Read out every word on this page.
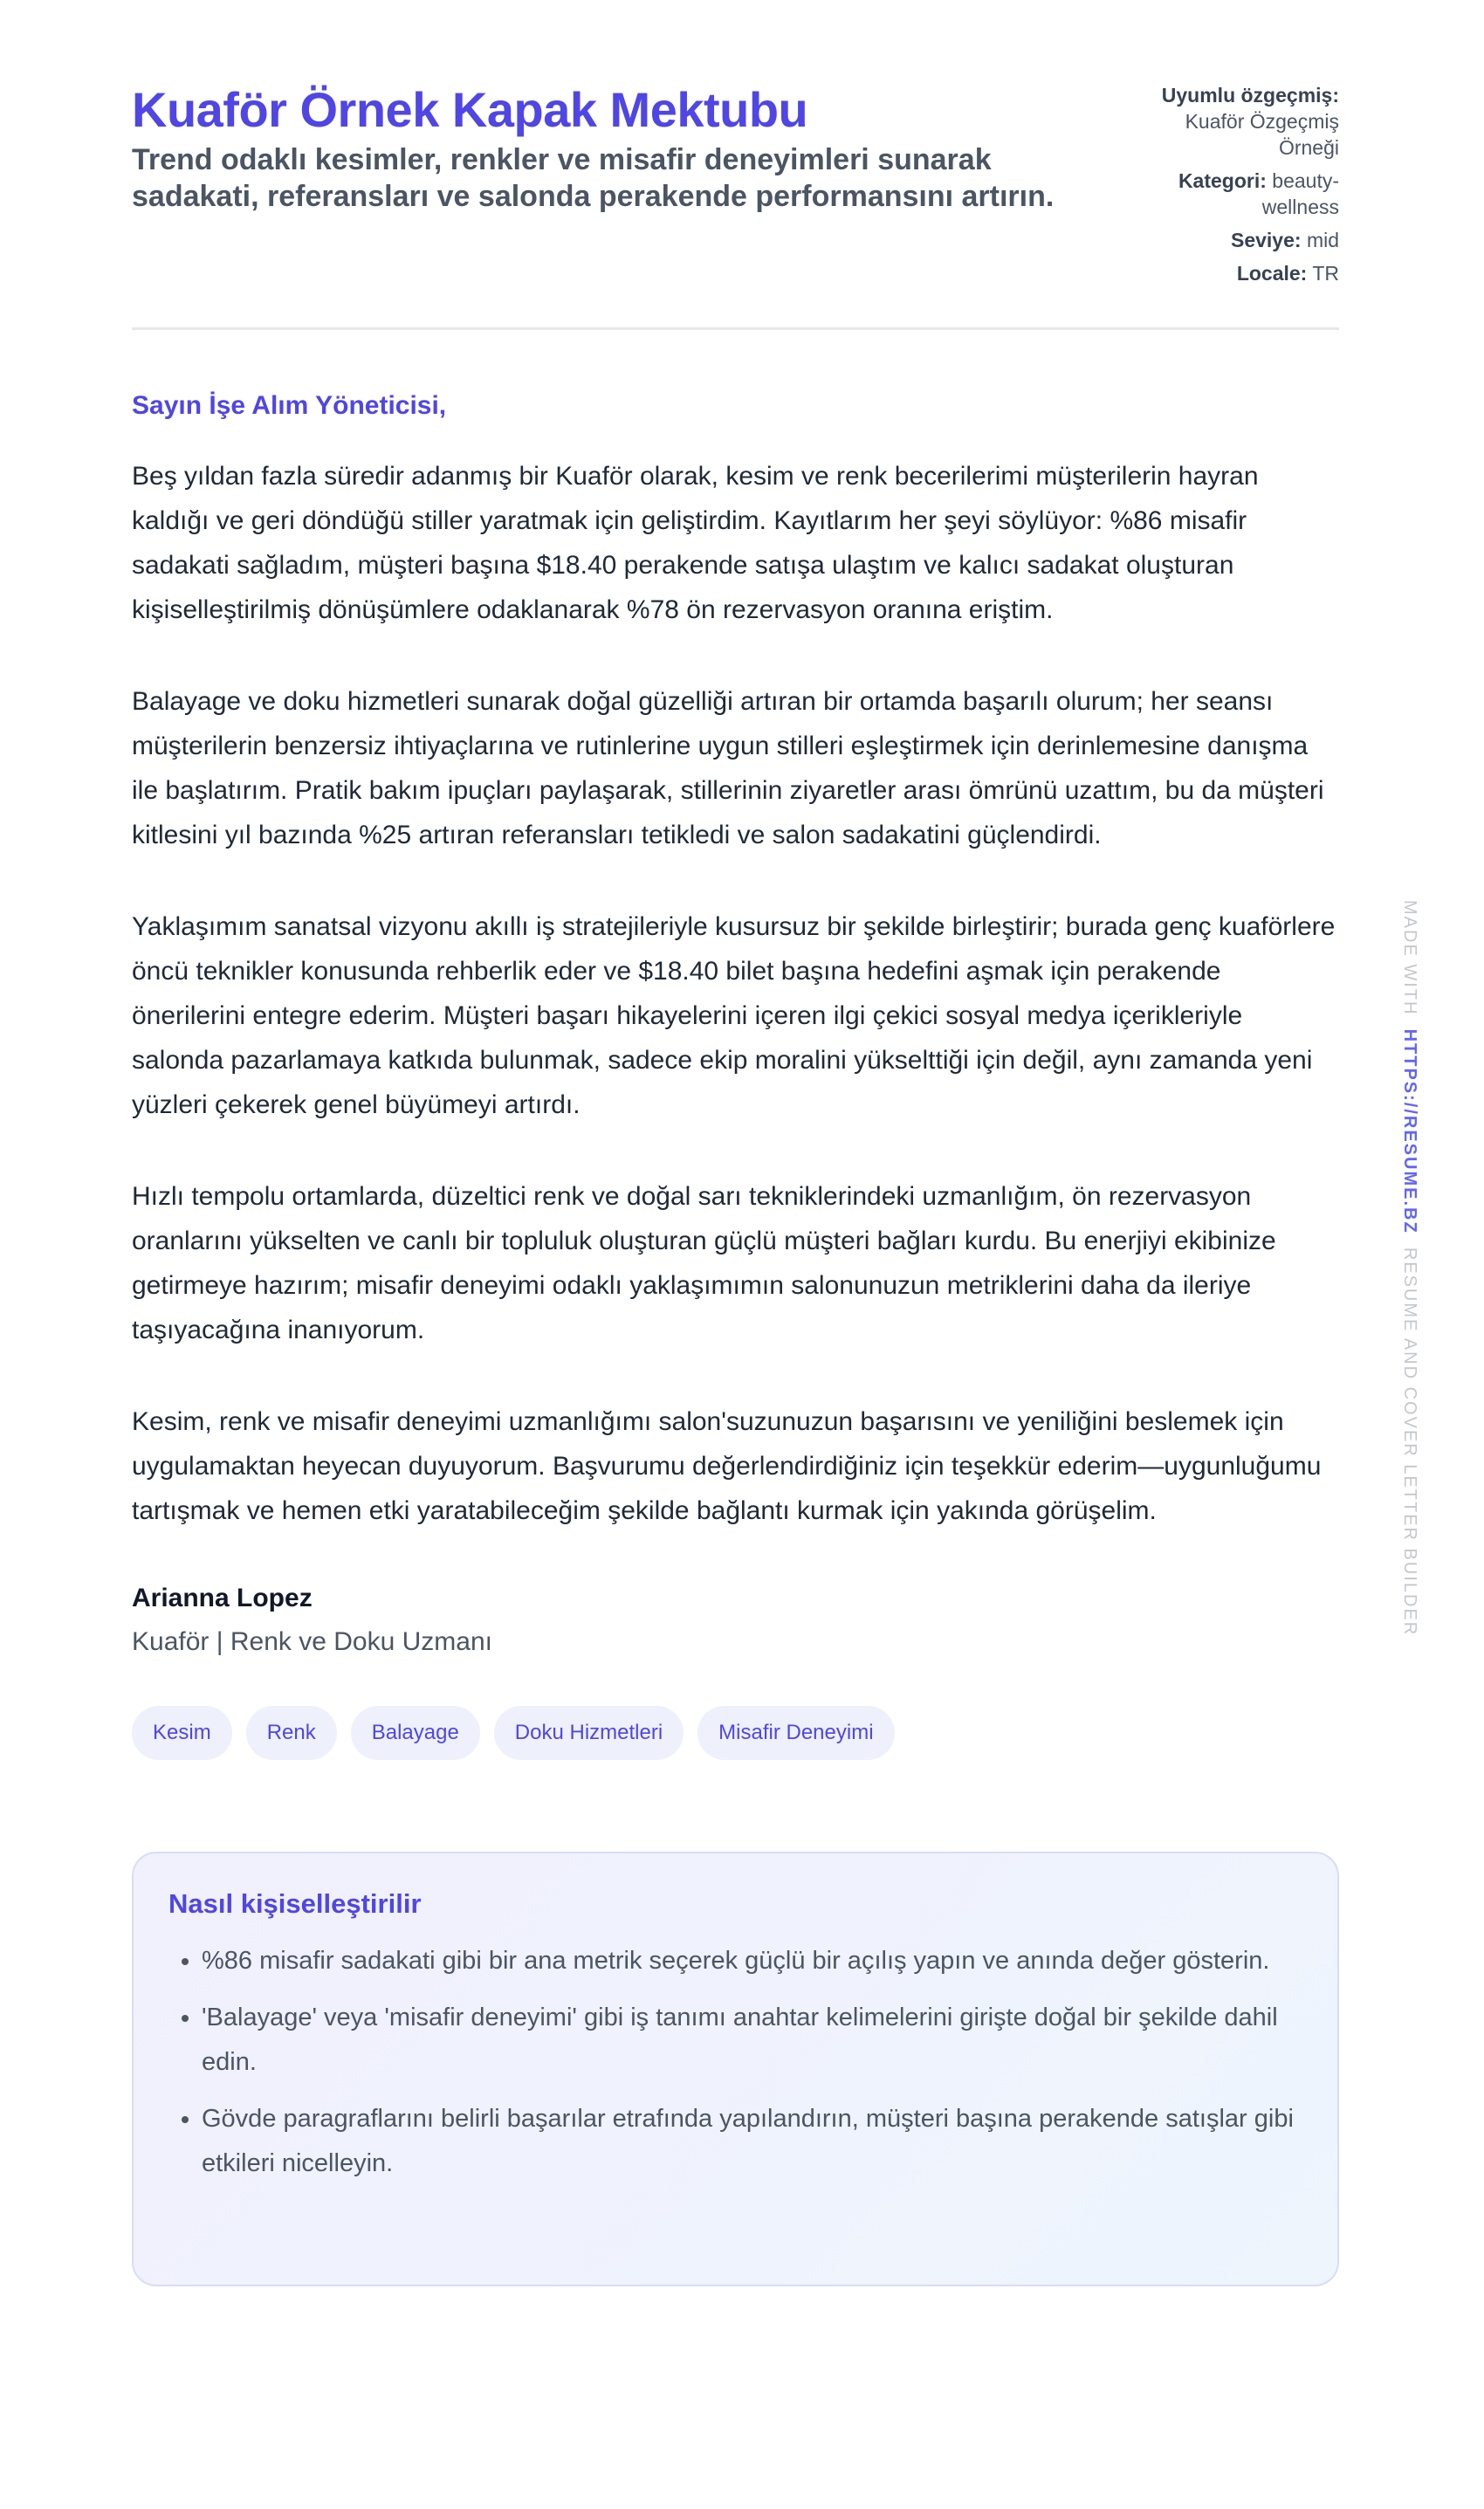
Kuaför Örnek Kapak Mektubu
Trend odaklı kesimler, renkler ve misafir deneyimleri sunarak sadakati, referansları ve salonda perakende performansını artırın.
Uyumlu özgeçmiş: Kuaför Özgeçmiş Örneği
Kategori: beauty-wellness
Seviye: mid
Locale: TR
Sayın İşe Alım Yöneticisi,

Beş yıldan fazla süredir adanmış bir Kuaför olarak, kesim ve renk becerilerimi müşterilerin hayran kaldığı ve geri döndüğü stiller yaratmak için geliştirdim. Kayıtlarım her şeyi söylüyor: %86 misafir sadakati sağladım, müşteri başına $18.40 perakende satışa ulaştım ve kalıcı sadakat oluşturan kişiselleştirilmiş dönüşümlere odaklanarak %78 ön rezervasyon oranına eriştim.

Balayage ve doku hizmetleri sunarak doğal güzelliği artıran bir ortamda başarılı olurum; her seansı müşterilerin benzersiz ihtiyaçlarına ve rutinlerine uygun stilleri eşleştirmek için derinlemesine danışma ile başlatırım. Pratik bakım ipuçları paylaşarak, stillerinin ziyaretler arası ömrünü uzattım, bu da müşteri kitlesini yıl bazında %25 artıran referansları tetikledi ve salon sadakatini güçlendirdi.

Yaklaşımım sanatsal vizyonu akıllı iş stratejileriyle kusursuz bir şekilde birleştirir; burada genç kuaförlere öncü teknikler konusunda rehberlik eder ve $18.40 bilet başına hedefini aşmak için perakende önerilerini entegre ederim. Müşteri başarı hikayelerini içeren ilgi çekici sosyal medya içerikleriyle salonda pazarlamaya katkıda bulunmak, sadece ekip moralini yükselttiği için değil, aynı zamanda yeni yüzleri çekerek genel büyümeyi artırdı.

Hızlı tempolu ortamlarda, düzeltici renk ve doğal sarı tekniklerindeki uzmanlığım, ön rezervasyon oranlarını yükselten ve canlı bir topluluk oluşturan güçlü müşteri bağları kurdu. Bu enerjiyi ekibinize getirmeye hazırım; misafir deneyimi odaklı yaklaşımımın salonunuzun metriklerini daha da ileriye taşıyacağına inanıyorum.

Kesim, renk ve misafir deneyimi uzmanlığımı salon'suzunuzun başarısını ve yeniliğini beslemek için uygulamaktan heyecan duyuyorum. Başvurumu değerlendirdiğiniz için teşekkür ederim—uygunluğumu tartışmak ve hemen etki yaratabileceğim şekilde bağlantı kurmak için yakında görüşelim.

Arianna Lopez
Kuaför | Renk ve Doku Uzmanı
Kesim	Renk	Balayage	Doku Hizmetleri	Misafir Deneyimi
Nasıl kişiselleştirilir
• %86 misafir sadakati gibi bir ana metrik seçerek güçlü bir açılış yapın ve anında değer gösterin.
• 'Balayage' veya 'misafir deneyimi' gibi iş tanımı anahtar kelimelerini girişte doğal bir şekilde dahil edin.
• Gövde paragraflarını belirli başarılar etrafında yapılandırın, müşteri başına perakende satışlar gibi etkileri nicelleyin.
MADE WITH  HTTPS://RESUME.BZ  RESUME AND COVER LETTER BUILDER
